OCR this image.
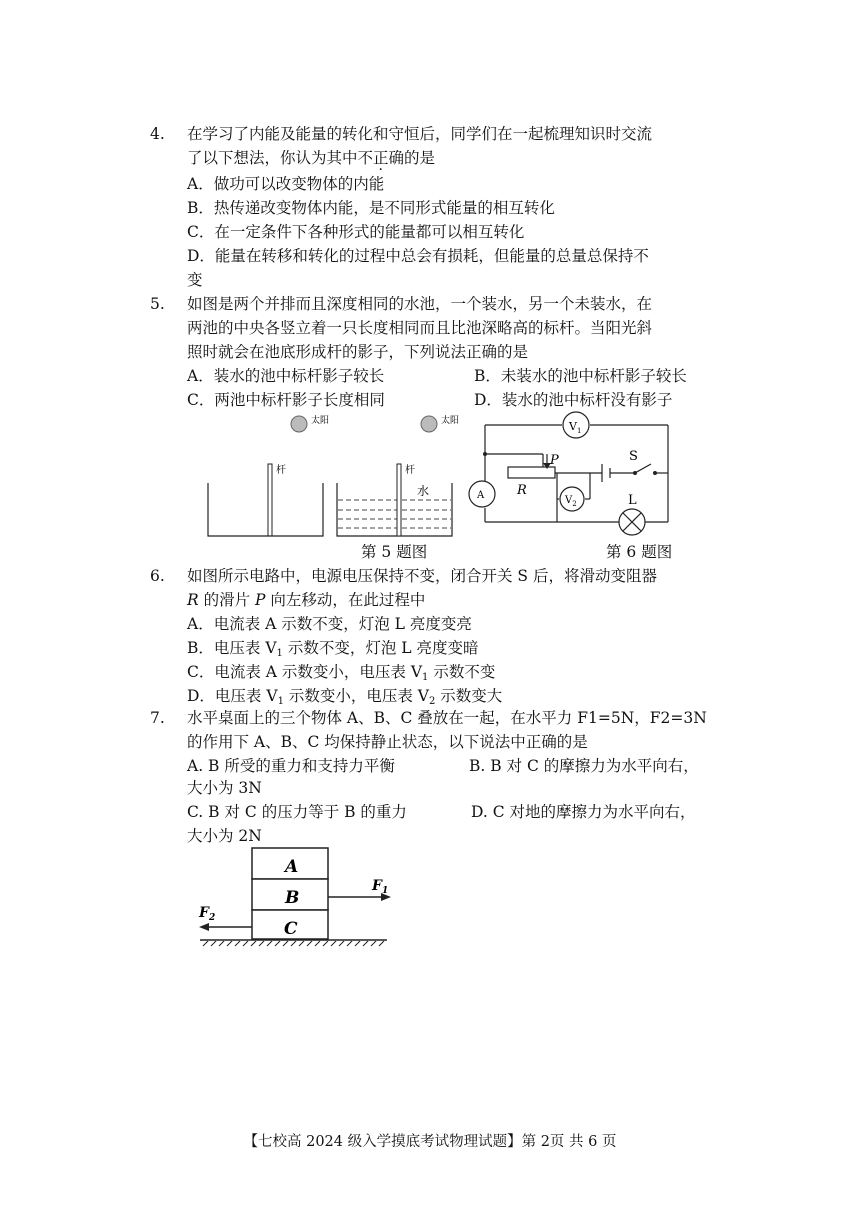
4. 在学习了内能及能量的转化和守恒后，同学们在一起梳理知识时交流
了以下想法，你认为其中不正确的是
A．做功可以改变物体的内能
B．热传递改变物体内能，是不同形式能量的相互转化
C．在一定条件下各种形式的能量都可以相互转化
D．能量在转移和转化的过程中总会有损耗，但能量的总量总保持不
变
5. 如图是两个并排而且深度相同的水池，一个装水，另一个未装水，在
两池的中央各竖立着一只长度相同而且比池深略高的标杆。当阳光斜
照时就会在池底形成杆的影子，下列说法正确的是
A．装水的池中标杆影子较长	B．未装水的池中标杆影子较长
C．两池中标杆影子长度相同	D．装水的池中标杆没有影子
太阳	太阳
杆	杆
水
第 5 题图
P
R
S
$V_1$
A	$V_2$	L
第 6 题图
6. 如图所示电路中，电源电压保持不变，闭合开关 S 后，将滑动变阻器
R 的滑片 P 向左移动，在此过程中
A．电流表 A 示数不变，灯泡 L 亮度变亮
B．电压表 $V_1$ 示数不变，灯泡 L 亮度变暗
C．电流表 A 示数变小，电压表 $V_1$ 示数不变
D．电压表 $V_1$ 示数变小，电压表 $V_2$ 示数变大
7. 水平桌面上的三个物体 A、B、C 叠放在一起，在水平力 F1=5N，F2=3N
的作用下 A、B、C 均保持静止状态，以下说法中正确的是
A. B 所受的重力和支持力平衡	B. B 对 C 的摩擦力为水平向右，
大小为 3N
C. B 对 C 的压力等于 B 的重力	D. C 对地的摩擦力为水平向右，
大小为 2N
A
B
C
$F_1$
$F_2$
【七校高 2024 级入学摸底考试物理试题】第 2页 共 6 页
